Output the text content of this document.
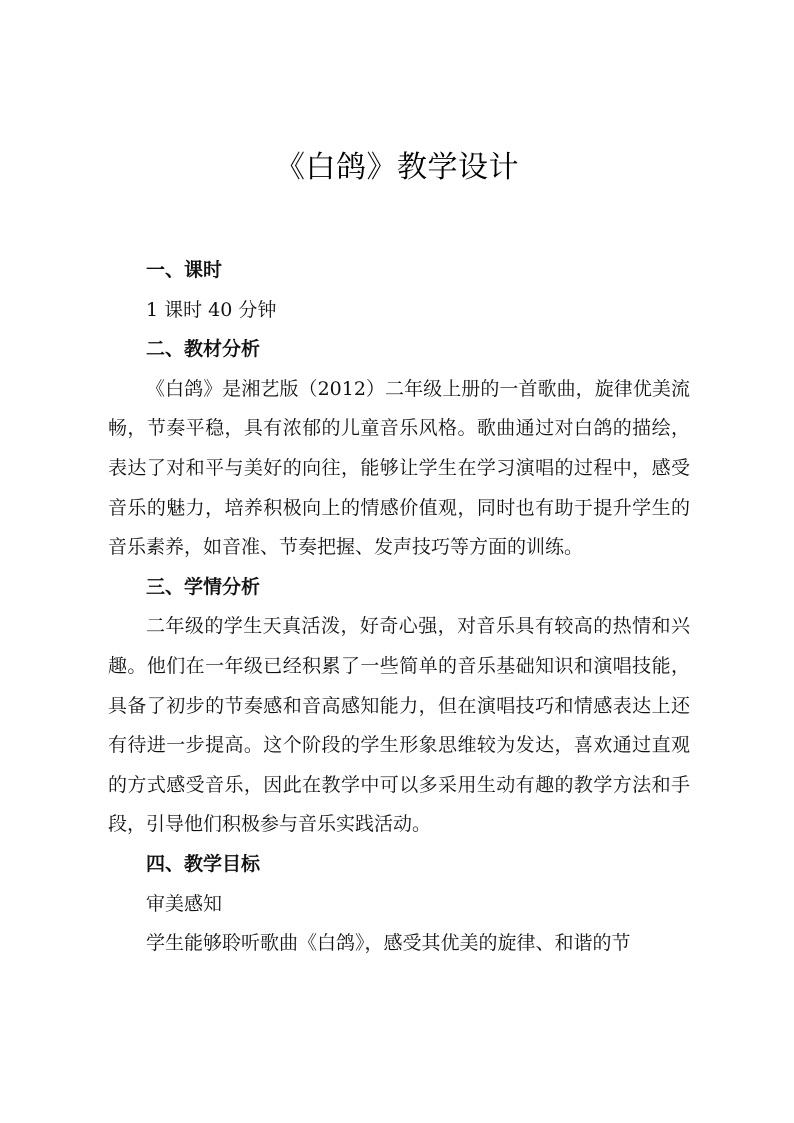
《白鸽》教学设计

一、课时

1 课时 40 分钟

二、教材分析

《白鸽》是湘艺版（2012）二年级上册的一首歌曲，旋律优美流畅，节奏平稳，具有浓郁的儿童音乐风格。歌曲通过对白鸽的描绘，表达了对和平与美好的向往，能够让学生在学习演唱的过程中，感受音乐的魅力，培养积极向上的情感价值观，同时也有助于提升学生的音乐素养，如音准、节奏把握、发声技巧等方面的训练。

三、学情分析

二年级的学生天真活泼，好奇心强，对音乐具有较高的热情和兴趣。他们在一年级已经积累了一些简单的音乐基础知识和演唱技能，具备了初步的节奏感和音高感知能力，但在演唱技巧和情感表达上还有待进一步提高。这个阶段的学生形象思维较为发达，喜欢通过直观的方式感受音乐，因此在教学中可以多采用生动有趣的教学方法和手段，引导他们积极参与音乐实践活动。

四、教学目标

审美感知

学生能够聆听歌曲《白鸽》，感受其优美的旋律、和谐的节
